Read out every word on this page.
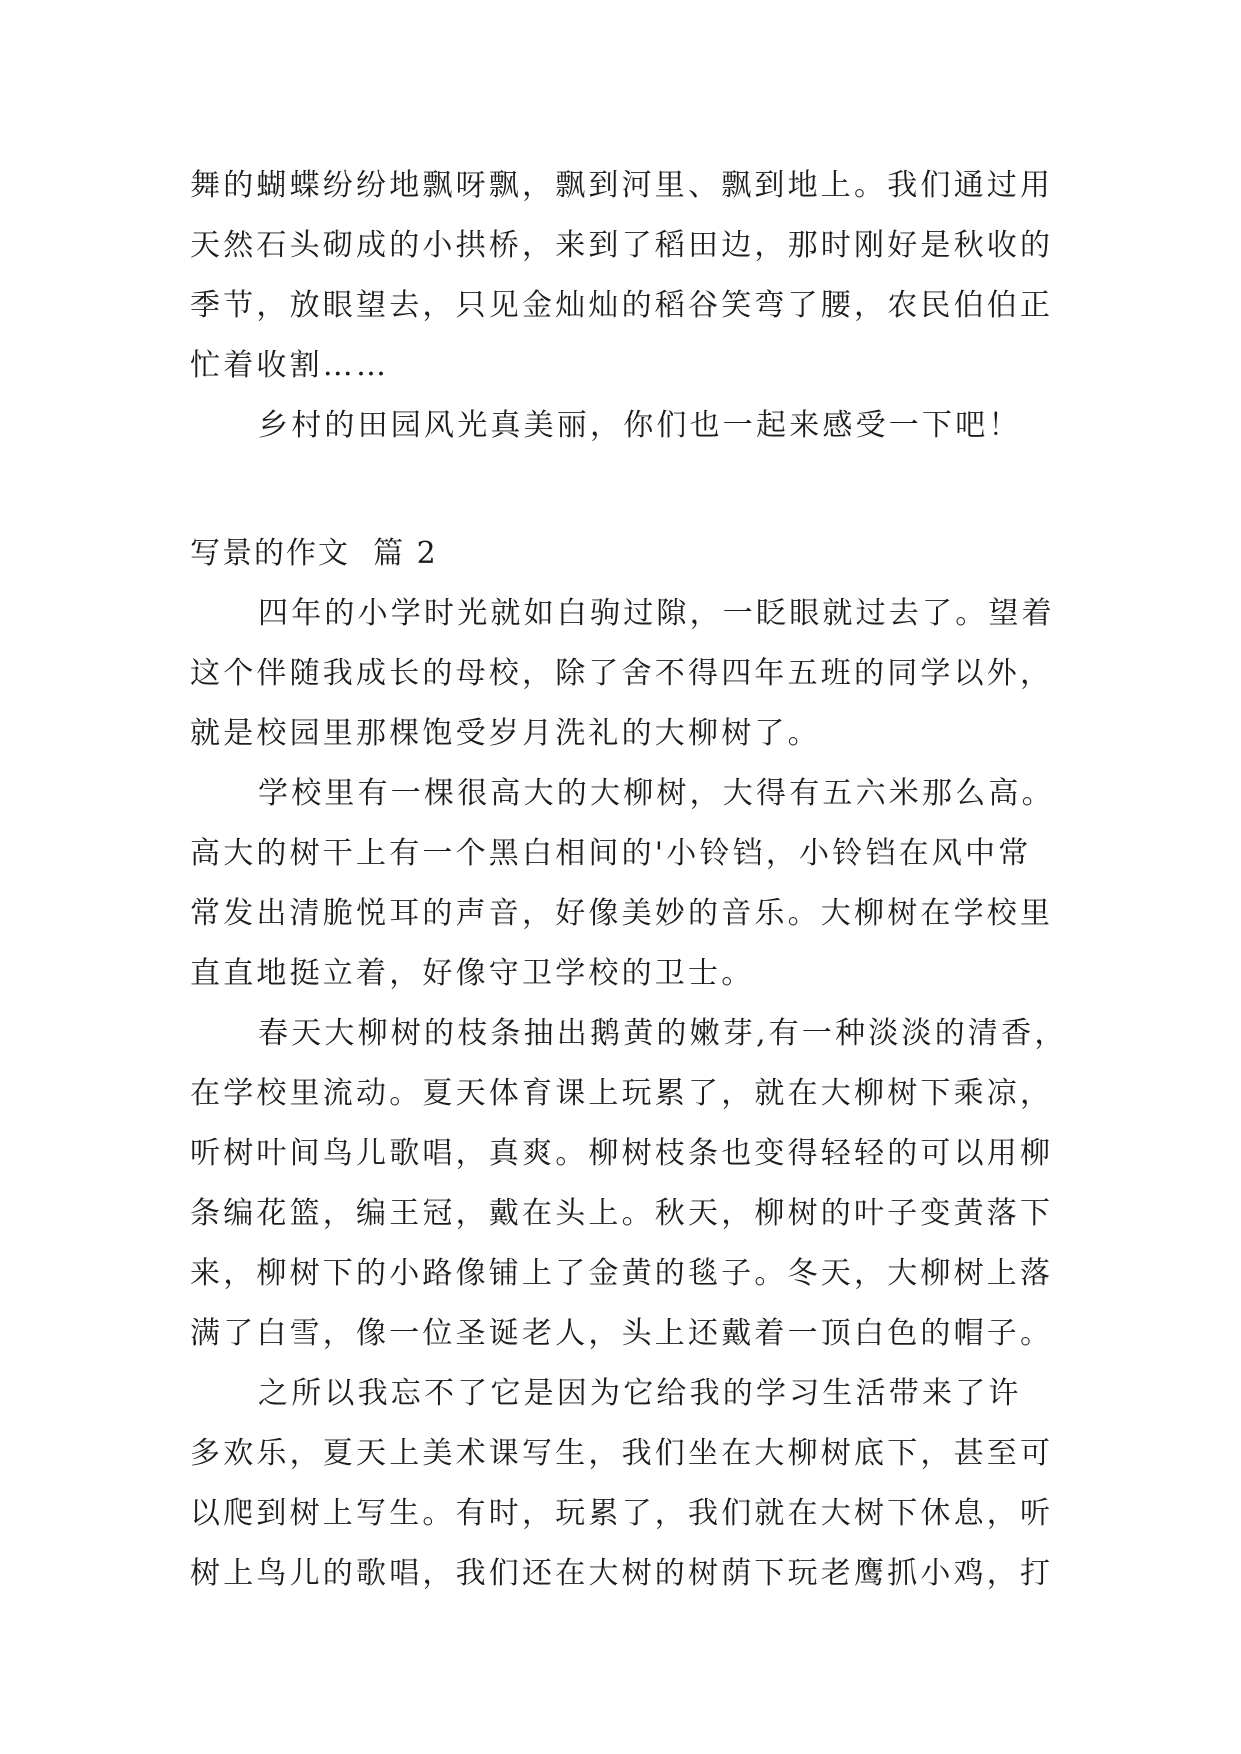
舞的蝴蝶纷纷地飘呀飘，飘到河里、飘到地上。我们通过用
天然石头砌成的小拱桥，来到了稻田边，那时刚好是秋收的
季节，放眼望去，只见金灿灿的稻谷笑弯了腰，农民伯伯正
忙着收割……
乡村的田园风光真美丽，你们也一起来感受一下吧！
写景的作文  篇 2
四年的小学时光就如白驹过隙，一眨眼就过去了。望着
这个伴随我成长的母校，除了舍不得四年五班的同学以外，
就是校园里那棵饱受岁月洗礼的大柳树了。
学校里有一棵很高大的大柳树，大得有五六米那么高。
高大的树干上有一个黑白相间的'小铃铛，小铃铛在风中常
常发出清脆悦耳的声音，好像美妙的音乐。大柳树在学校里
直直地挺立着，好像守卫学校的卫士。
春天大柳树的枝条抽出鹅黄的嫩芽,有一种淡淡的清香，
在学校里流动。夏天体育课上玩累了，就在大柳树下乘凉，
听树叶间鸟儿歌唱，真爽。柳树枝条也变得轻轻的可以用柳
条编花篮，编王冠，戴在头上。秋天，柳树的叶子变黄落下
来，柳树下的小路像铺上了金黄的毯子。冬天，大柳树上落
满了白雪，像一位圣诞老人，头上还戴着一顶白色的帽子。
之所以我忘不了它是因为它给我的学习生活带来了许
多欢乐，夏天上美术课写生，我们坐在大柳树底下，甚至可
以爬到树上写生。有时，玩累了，我们就在大树下休息，听
树上鸟儿的歌唱，我们还在大树的树荫下玩老鹰抓小鸡，打
